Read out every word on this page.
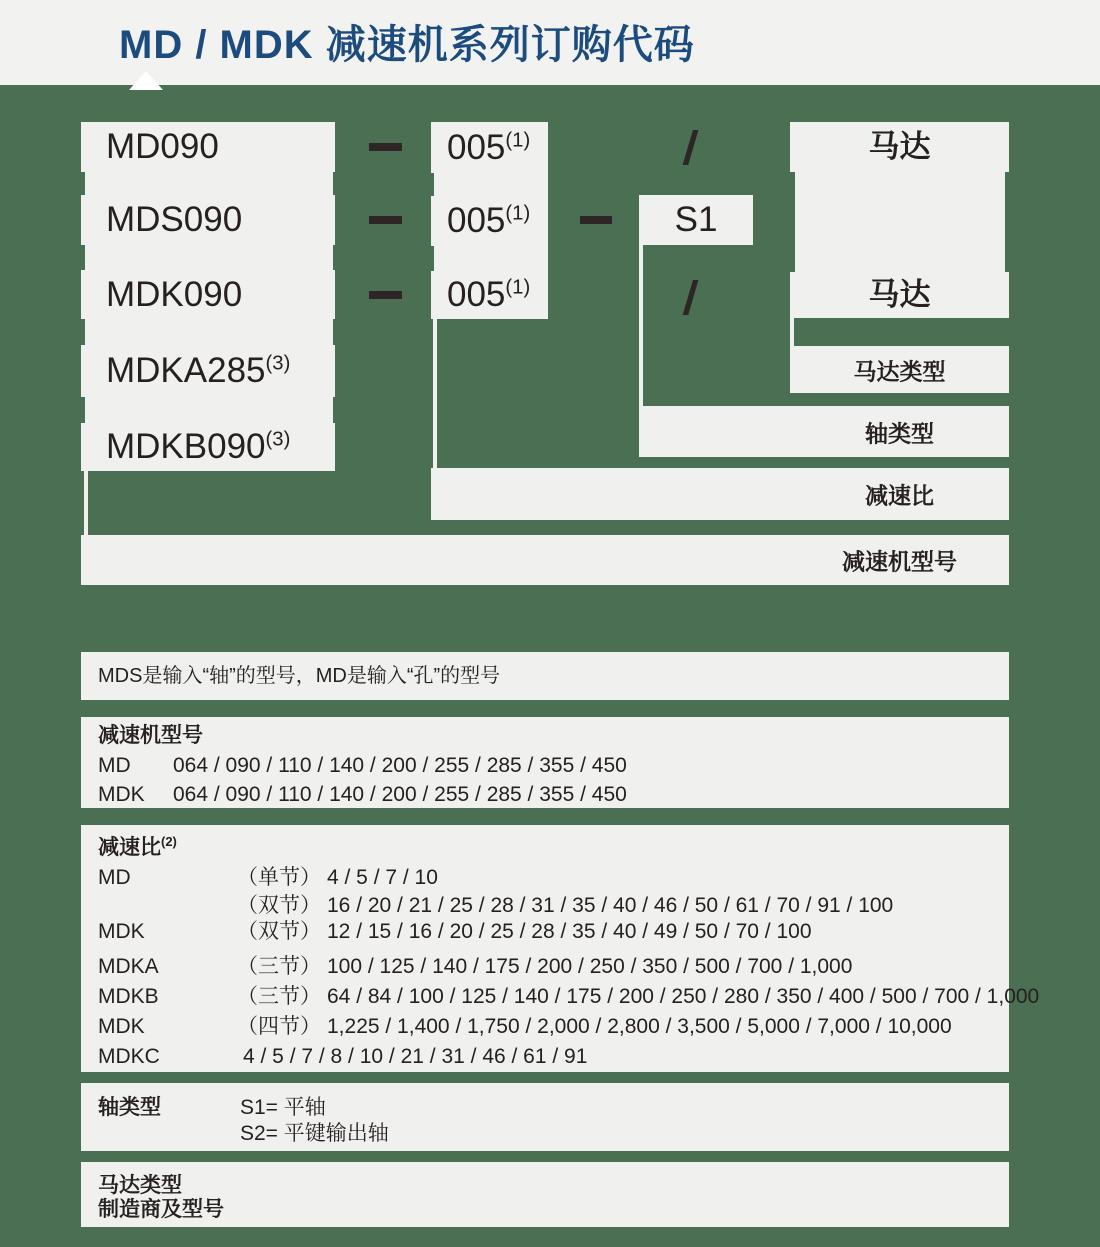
MD / MDK 减速机系列订购代码
MD090
MDS090
MDK090
MDKA285$^{(3)}$
MDKB090$^{(3)}$
005$^{(1)}$
005$^{(1)}$
005$^{(1)}$
/
S1
/
马达
马达
马达类型
轴类型
减速比
减速机型号
MDS是输入“轴”的型号，MD是输入“孔”的型号
减速机型号
MD 064 / 090 / 110 / 140 / 200 / 255 / 285 / 355 / 450
MDK 064 / 090 / 110 / 140 / 200 / 255 / 285 / 355 / 450
减速比$^{(2)}$
MD	（单节） 4 / 5 / 7 / 10
（双节） 16 / 20 / 21 / 25 / 28 / 31 / 35 / 40 / 46 / 50 / 61 / 70 / 91 / 100
MDK	（双节） 12 / 15 / 16 / 20 / 25 / 28 / 35 / 40 / 49 / 50 / 70 / 100
MDKA	（三节） 100 / 125 / 140 / 175 / 200 / 250 / 350 / 500 / 700 / 1,000
MDKB	（三节） 64 / 84 / 100 / 125 / 140 / 175 / 200 / 250 / 280 / 350 / 400 / 500 / 700 / 1,000
MDK	（四节） 1,225 / 1,400 / 1,750 / 2,000 / 2,800 / 3,500 / 5,000 / 7,000 / 10,000
MDKC	4 / 5 / 7 / 8 / 10 / 21 / 31 / 46 / 61 / 91
轴类型	S1= 平轴
S2= 平键输出轴
马达类型
制造商及型号
